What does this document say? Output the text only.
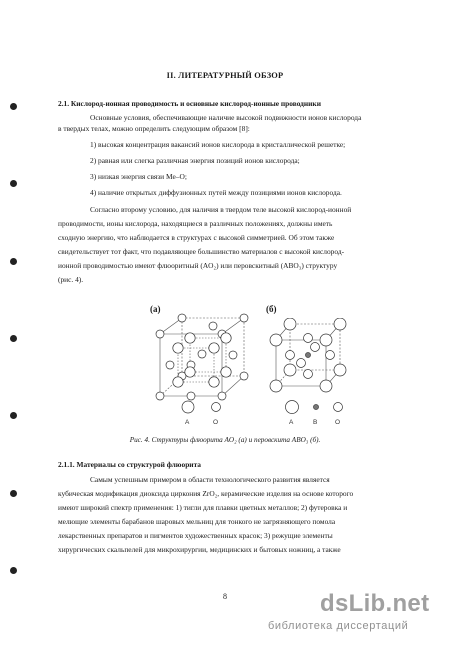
II. ЛИТЕРАТУРНЫЙ ОБЗОР
2.1. Кислород-ионная проводимость и основные кислород-ионные проводники
Основные условия, обеспечивающие наличие высокой подвижности ионов кислорода
в твердых телах, можно определить следующим образом [8]:
1) высокая концентрация вакансий ионов кислорода в кристаллической решетке;
2) равная или слегка различная энергия позиций ионов кислорода;
3) низкая энергия связи Me–O;
4) наличие открытых диффузионных путей между позициями ионов кислорода.
Согласно второму условию, для наличия в твердом теле высокой кислород-ионной
проводимости, ионы кислорода, находящиеся в различных положениях, должны иметь
сходную энергию, что наблюдается в структурах с высокой симметрией. Об этом также
свидетельствует тот факт, что подавляющее большинство материалов с высокой кислород-
ионной проводимостью имеют флюоритный (AO₂) или перовскитный (ABO₃) структуру
(рис. 4).
(а)	(б)
A	O	A	B	O
Рис. 4. Структуры флюорита AO₂ (а) и перовскита ABO₃ (б).
2.1.1. Материалы со структурой флюорита
Самым успешным примером в области технологического развития является
кубическая модификация диоксида циркония ZrO₂, керамические изделия на основе которого
имеют широкий спектр применения: 1) тигли для плавки цветных металлов; 2) футеровка и
мелющие элементы барабанов шаровых мельниц для тонкого не загрязняющего помола
лекарственных препаратов и пигментов художественных красок; 3) режущие элементы
хирургических скальпелей для микрохирургии, медицинских и бытовых ножниц, а также
8	dsLib.net
библиотека диссертаций
